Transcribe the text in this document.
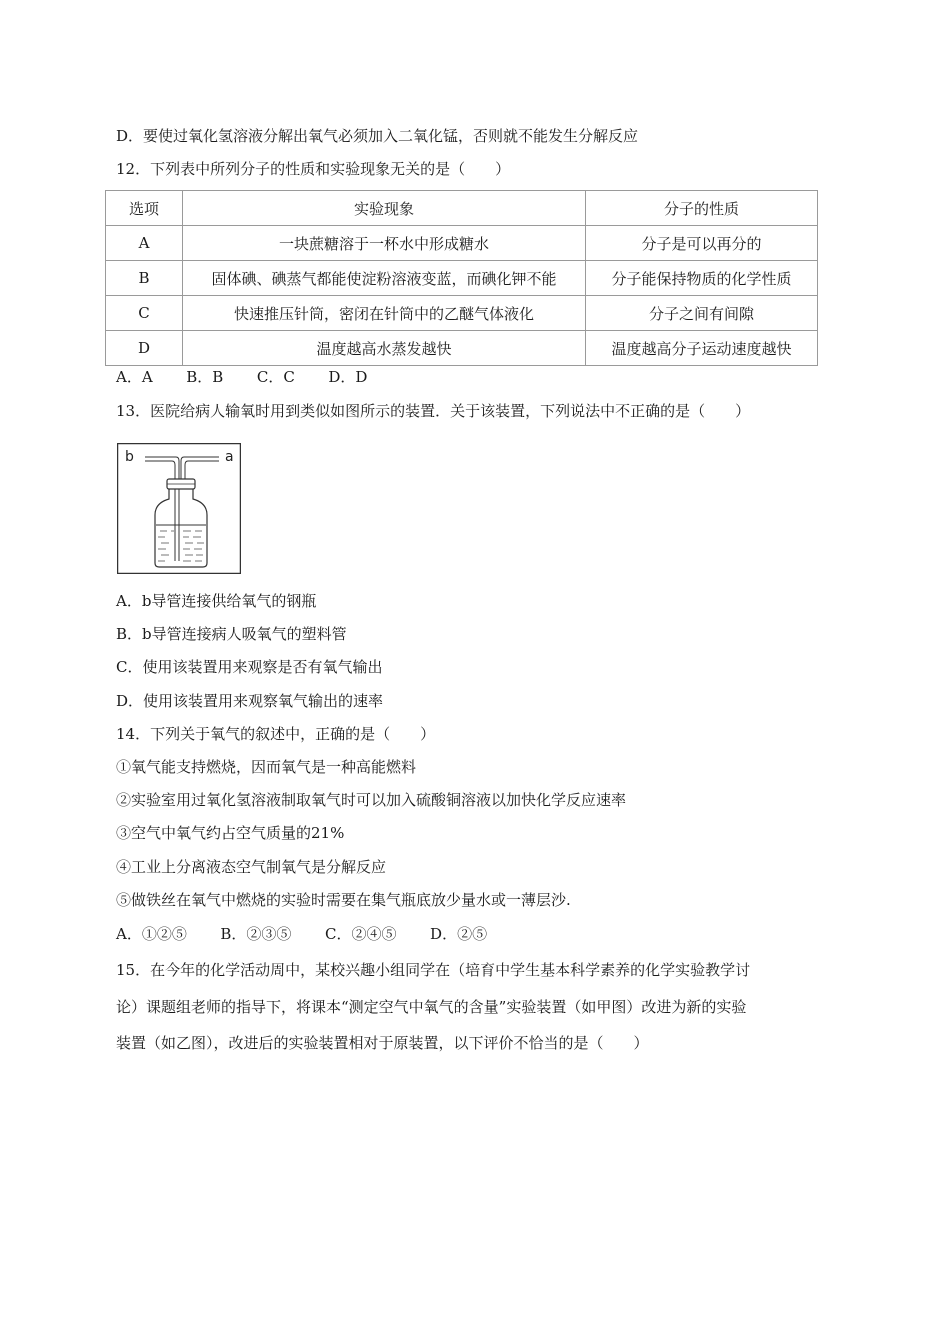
D．要使过氧化氢溶液分解出氧气必须加入二氧化锰，否则就不能发生分解反应
12．下列表中所列分子的性质和实验现象无关的是（　　）
选项	实验现象	分子的性质
A	一块蔗糖溶于一杯水中形成糖水	分子是可以再分的
B	固体碘、碘蒸气都能使淀粉溶液变蓝，而碘化钾不能	分子能保持物质的化学性质
C	快速推压针筒，密闭在针筒中的乙醚气体液化	分子之间有间隙
D	温度越高水蒸发越快	温度越高分子运动速度越快
A．A B．B C．C D．D
13．医院给病人输氧时用到类似如图所示的装置．关于该装置，下列说法中不正确的是（　　）
b	a
A．b导管连接供给氧气的钢瓶
B．b导管连接病人吸氧气的塑料管
C．使用该装置用来观察是否有氧气输出
D．使用该装置用来观察氧气输出的速率
14．下列关于氧气的叙述中，正确的是（　　）
①氧气能支持燃烧，因而氧气是一种高能燃料
②实验室用过氧化氢溶液制取氧气时可以加入硫酸铜溶液以加快化学反应速率
③空气中氧气约占空气质量的21%
④工业上分离液态空气制氧气是分解反应
⑤做铁丝在氧气中燃烧的实验时需要在集气瓶底放少量水或一薄层沙.
A．①②⑤ B．②③⑤ C．②④⑤ D．②⑤
15．在今年的化学活动周中，某校兴趣小组同学在（培育中学生基本科学素养的化学实验教学讨
论）课题组老师的指导下，将课本“测定空气中氧气的含量”实验装置（如甲图）改进为新的实验
装置（如乙图），改进后的实验装置相对于原装置，以下评价不恰当的是（　　）
